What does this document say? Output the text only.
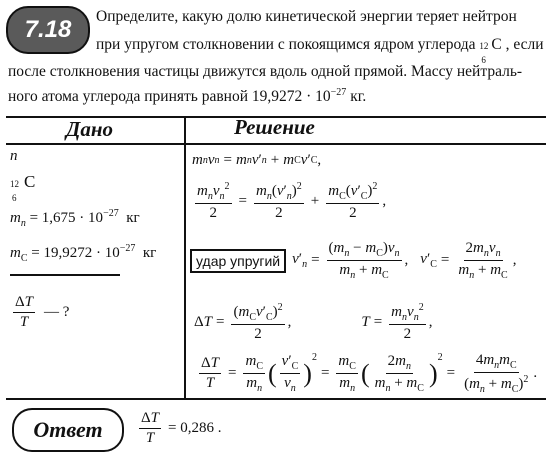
7.18 Определите, какую долю кинетической энергии теряет нейтрон
при упругом столкновении с покоящимся ядром углерода 12
6
C , если
после столкновения частицы движутся вдоль одной прямой. Массу нейтраль-
ного атома углерода принять равной $19,9272 \cdot 10^{-27}$ кг.
Дано	Решение
n
12
6
C
$m_n = 1,675 \cdot 10^{-27}$ кг
$m_C = 19,9272 \cdot 10^{-27}$ кг
$\frac{\Delta T}{T}$ — ?
m n v n = m n v ′ n + m C v ′ C ,
$\frac{m_nv_n^2}{2} = \frac{m_n(v'_n)^2}{2} + \frac{m_C(v'_C)^2}{2}$ ,
удар упругий $v'_n = \frac{(m_n - m_C)v_n}{m_n + m_C}$ , $v'_C = \frac{2m_nv_n}{m_n + m_C}$ ,
Δ $T = \frac{(m_Cv'_C)^2}{2}$ ,	$T = \frac{m_nv_n^2}{2}$ ,
$\frac{\Delta T}{T} = \frac{m_C}{m_n}$ ( $\frac{v'_C}{v_n}$ )
$^2$
= $\frac{m_C}{m_n}$ ( $\frac{2m_n}{m_n + m_C}$ )
$^2$
= $\frac{4m_nm_C}{(m_n + m_C)^2}$ .
Ответ $\frac{\Delta T}{T} = 0,286$ .
